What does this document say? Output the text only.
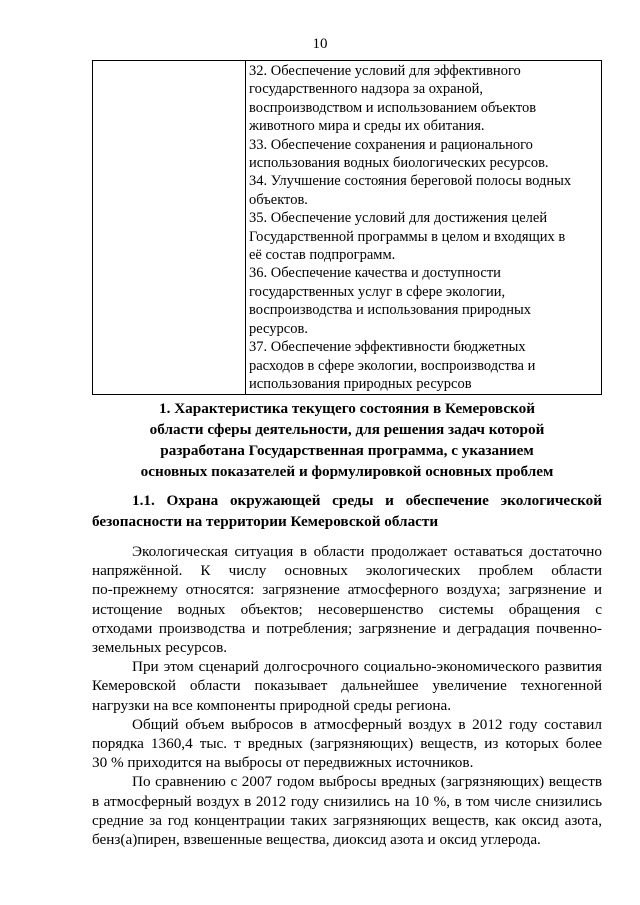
10

32. Обеспечение условий для эффективного
государственного надзора за охраной,
воспроизводством и использованием объектов
животного мира и среды их обитания.
33. Обеспечение сохранения и рационального
использования водных биологических ресурсов.
34. Улучшение состояния береговой полосы водных
объектов.
35. Обеспечение условий для достижения целей
Государственной программы в целом и входящих в
её состав подпрограмм.
36. Обеспечение качества и доступности
государственных услуг в сфере экологии,
воспроизводства и использования природных
ресурсов.
37. Обеспечение эффективности бюджетных
расходов в сфере экологии, воспроизводства и
использования природных ресурсов
1. Характеристика текущего состояния в Кемеровской
области сферы деятельности, для решения задач которой
разработана Государственная программа, с указанием
основных показателей и формулировкой основных проблем
1.1. Охрана окружающей среды и обеспечение экологической
безопасности на территории Кемеровской области

Экологическая ситуация в области продолжает оставаться достаточно
напряжённой. К числу основных экологических проблем области
по-прежнему относятся: загрязнение атмосферного воздуха; загрязнение и
истощение водных объектов; несовершенство системы обращения с
отходами производства и потребления; загрязнение и деградация почвенно-
земельных ресурсов.

При этом сценарий долгосрочного социально-экономического развития
Кемеровской области показывает дальнейшее увеличение техногенной
нагрузки на все компоненты природной среды региона.

Общий объем выбросов в атмосферный воздух в 2012 году составил
порядка 1360,4 тыс. т вредных (загрязняющих) веществ, из которых более
30 % приходится на выбросы от передвижных источников.

По сравнению с 2007 годом выбросы вредных (загрязняющих) веществ
в атмосферный воздух в 2012 году снизились на 10 %, в том числе снизились
средние за год концентрации таких загрязняющих веществ, как оксид азота,
бенз(а)пирен, взвешенные вещества, диоксид азота и оксид углерода.
